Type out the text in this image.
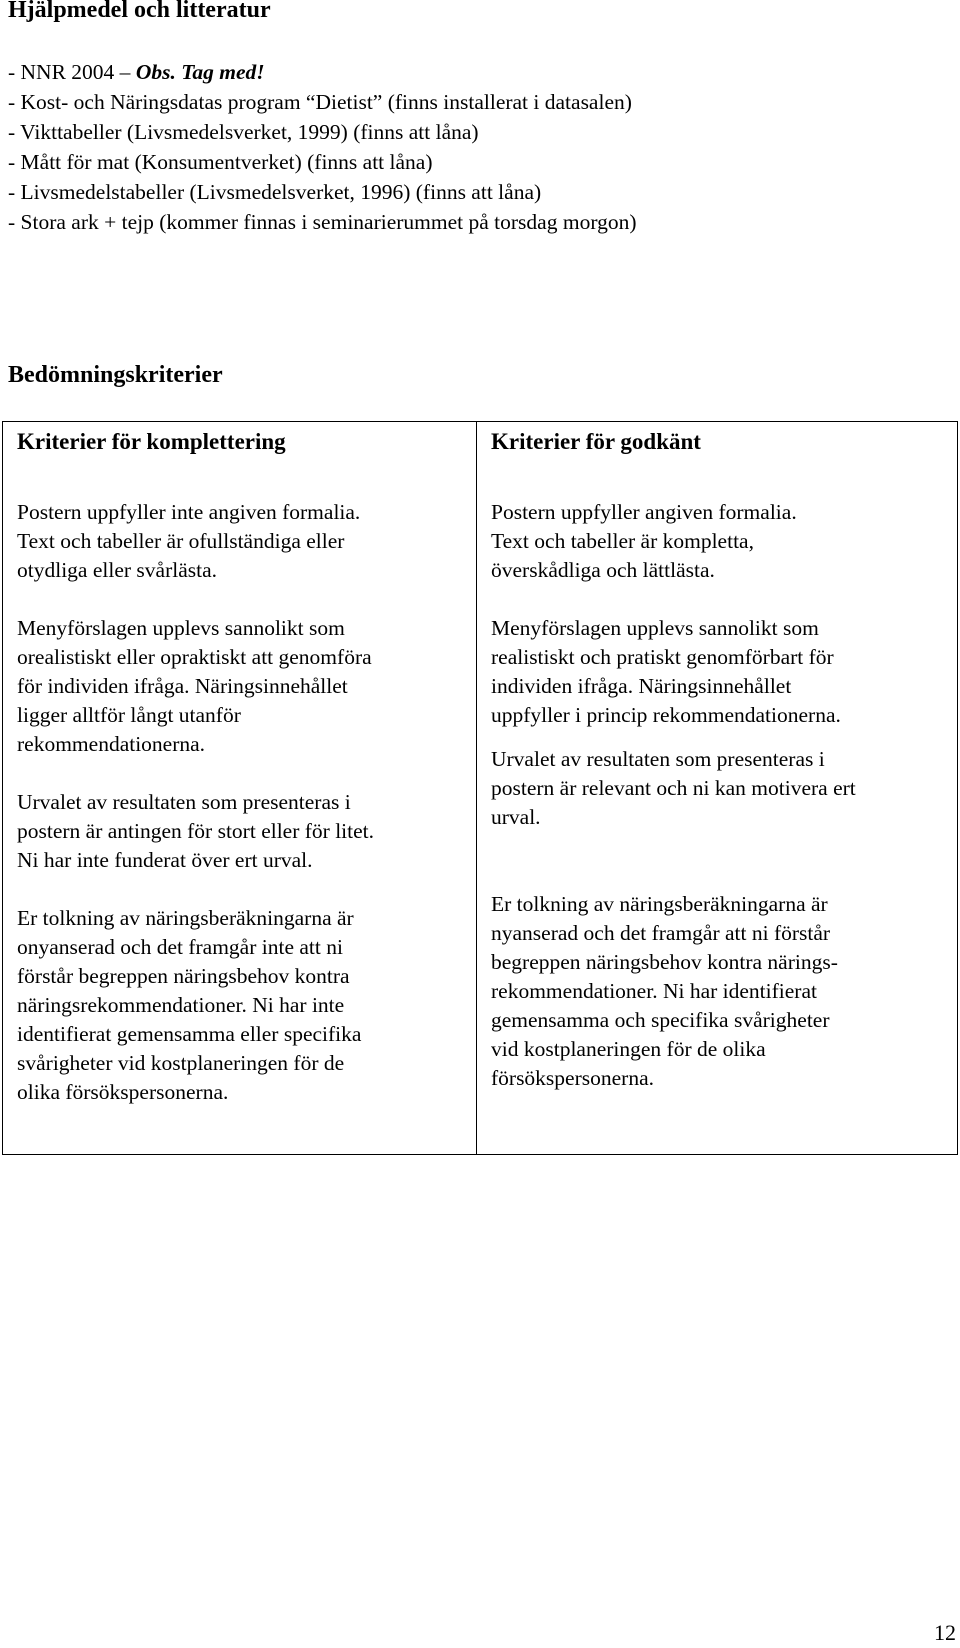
Hjälpmedel och litteratur
- NNR 2004 – Obs. Tag med!
- Kost- och Näringsdatas program “Dietist” (finns installerat i datasalen)
- Vikttabeller (Livsmedelsverket, 1999) (finns att låna)
- Mått för mat (Konsumentverket) (finns att låna)
- Livsmedelstabeller (Livsmedelsverket, 1996) (finns att låna)
- Stora ark + tejp (kommer finnas i seminarierummet på torsdag morgon)
Bedömningskriterier
Kriterier för komplettering

Postern uppfyller inte angiven formalia.
Text och tabeller är ofullständiga eller
otydliga eller svårlästa.

Menyförslagen upplevs sannolikt som
orealistiskt eller opraktiskt att genomföra
för individen ifråga. Näringsinnehållet
ligger alltför långt utanför
rekommendationerna.

Urvalet av resultaten som presenteras i
postern är antingen för stort eller för litet.
Ni har inte funderat över ert urval.

Er tolkning av näringsberäkningarna är
onyanserad och det framgår inte att ni
förstår begreppen näringsbehov kontra
näringsrekommendationer. Ni har inte
identifierat gemensamma eller specifika
svårigheter vid kostplaneringen för de
olika försökspersonerna.

Kriterier för godkänt

Postern uppfyller angiven formalia.
Text och tabeller är kompletta,
överskådliga och lättlästa.

Menyförslagen upplevs sannolikt som
realistiskt och pratiskt genomförbart för
individen ifråga. Näringsinnehållet
uppfyller i princip rekommendationerna.

Urvalet av resultaten som presenteras i
postern är relevant och ni kan motivera ert
urval.

Er tolkning av näringsberäkningarna är
nyanserad och det framgår att ni förstår
begreppen näringsbehov kontra närings-
rekommendationer. Ni har identifierat
gemensamma och specifika svårigheter
vid kostplaneringen för de olika
försökspersonerna.

12
